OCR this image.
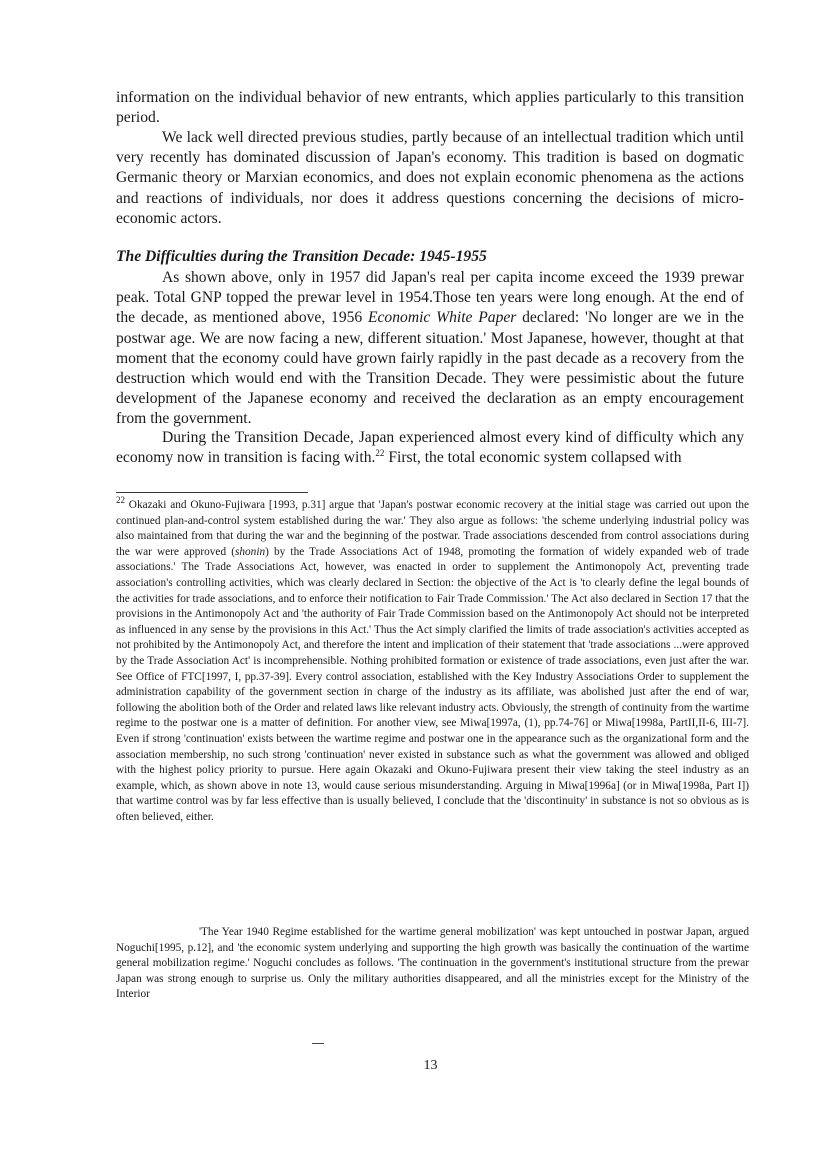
information on the individual behavior of new entrants, which applies particularly to this transition period.

We lack well directed previous studies, partly because of an intellectual tradition which until very recently has dominated discussion of Japan's economy. This tradition is based on dogmatic Germanic theory or Marxian economics, and does not explain economic phenomena as the actions and reactions of individuals, nor does it address questions concerning the decisions of micro-economic actors.

The Difficulties during the Transition Decade: 1945-1955

As shown above, only in 1957 did Japan's real per capita income exceed the 1939 prewar peak. Total GNP topped the prewar level in 1954.Those ten years were long enough. At the end of the decade, as mentioned above, 1956 Economic White Paper declared: 'No longer are we in the postwar age. We are now facing a new, different situation.' Most Japanese, however, thought at that moment that the economy could have grown fairly rapidly in the past decade as a recovery from the destruction which would end with the Transition Decade. They were pessimistic about the future development of the Japanese economy and received the declaration as an empty encouragement from the government.

During the Transition Decade, Japan experienced almost every kind of difficulty which any economy now in transition is facing with.$^{22}$ First, the total economic system collapsed with

$^{22}$ Okazaki and Okuno-Fujiwara [1993, p.31] argue that 'Japan's postwar economic recovery at the initial stage was carried out upon the continued plan-and-control system established during the war.' They also argue as follows: 'the scheme underlying industrial policy was also maintained from that during the war and the beginning of the postwar. Trade associations descended from control associations during the war were approved (shonin) by the Trade Associations Act of 1948, promoting the formation of widely expanded web of trade associations.' The Trade Associations Act, however, was enacted in order to supplement the Antimonopoly Act, preventing trade association's controlling activities, which was clearly declared in Section: the objective of the Act is 'to clearly define the legal bounds of the activities for trade associations, and to enforce their notification to Fair Trade Commission.' The Act also declared in Section 17 that the provisions in the Antimonopoly Act and 'the authority of Fair Trade Commission based on the Antimonopoly Act should not be interpreted as influenced in any sense by the provisions in this Act.' Thus the Act simply clarified the limits of trade association's activities accepted as not prohibited by the Antimonopoly Act, and therefore the intent and implication of their statement that 'trade associations ...were approved by the Trade Association Act' is incomprehensible. Nothing prohibited formation or existence of trade associations, even just after the war. See Office of FTC[1997, I, pp.37-39]. Every control association, established with the Key Industry Associations Order to supplement the administration capability of the government section in charge of the industry as its affiliate, was abolished just after the end of war, following the abolition both of the Order and related laws like relevant industry acts. Obviously, the strength of continuity from the wartime regime to the postwar one is a matter of definition. For another view, see Miwa[1997a, (1), pp.74-76] or Miwa[1998a, PartII,II-6, III-7]. Even if strong 'continuation' exists between the wartime regime and postwar one in the appearance such as the organizational form and the association membership, no such strong 'continuation' never existed in substance such as what the government was allowed and obliged with the highest policy priority to pursue. Here again Okazaki and Okuno-Fujiwara present their view taking the steel industry as an example, which, as shown above in note 13, would cause serious misunderstanding. Arguing in Miwa[1996a] (or in Miwa[1998a, Part I]) that wartime control was by far less effective than is usually believed, I conclude that the 'discontinuity' in substance is not so obvious as is often believed, either.

'The Year 1940 Regime established for the wartime general mobilization' was kept untouched in postwar Japan, argued Noguchi[1995, p.12], and 'the economic system underlying and supporting the high growth was basically the continuation of the wartime general mobilization regime.' Noguchi concludes as follows. 'The continuation in the government's institutional structure from the prewar Japan was strong enough to surprise us. Only the military authorities disappeared, and all the ministries except for the Ministry of the Interior

13
